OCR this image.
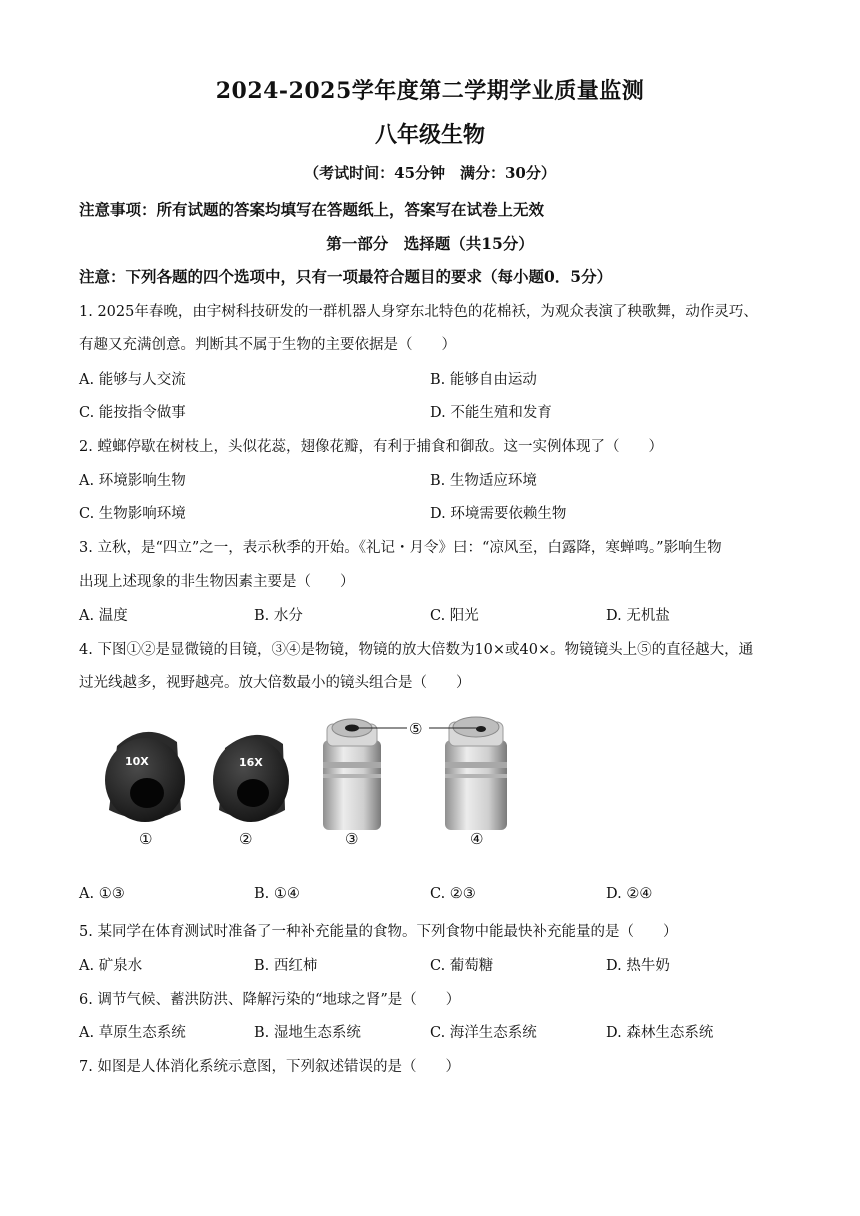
2024-2025学年度第二学期学业质量监测
八年级生物
（考试时间：45分钟　满分：30分）
注意事项：所有试题的答案均填写在答题纸上，答案写在试卷上无效
第一部分　选择题（共15分）
注意：下列各题的四个选项中，只有一项最符合题目的要求（每小题0．5分）
1. 2025年春晚，由宇树科技研发的一群机器人身穿东北特色的花棉袄，为观众表演了秧歌舞，动作灵巧、
有趣又充满创意。判断其不属于生物的主要依据是（　　）
A. 能够与人交流	B. 能够自由运动
C. 能按指令做事	D. 不能生殖和发育
2. 螳螂停歇在树枝上，头似花蕊，翅像花瓣，有利于捕食和御敌。这一实例体现了（　　）
A. 环境影响生物	B. 生物适应环境
C. 生物影响环境	D. 环境需要依赖生物
3. 立秋，是“四立”之一，表示秋季的开始。《礼记・月令》曰：“凉风至，白露降，寒蝉鸣。”影响生物
出现上述现象的非生物因素主要是（　　）
A. 温度	B. 水分	C. 阳光	D. 无机盐
4. 下图①②是显微镜的目镜，③④是物镜，物镜的放大倍数为10×或40×。物镜镜头上⑤的直径越大，通
过光线越多，视野越亮。放大倍数最小的镜头组合是（　　）
10X	16X
⑤
①	②	③	④
A. ①③	B. ①④	C. ②③	D. ②④
5. 某同学在体育测试时准备了一种补充能量的食物。下列食物中能最快补充能量的是（　　）
A. 矿泉水	B. 西红柿	C. 葡萄糖	D. 热牛奶
6. 调节气候、蓄洪防洪、降解污染的“地球之肾”是（　　）
A. 草原生态系统	B. 湿地生态系统	C. 海洋生态系统	D. 森林生态系统
7. 如图是人体消化系统示意图，下列叙述错误的是（　　）
